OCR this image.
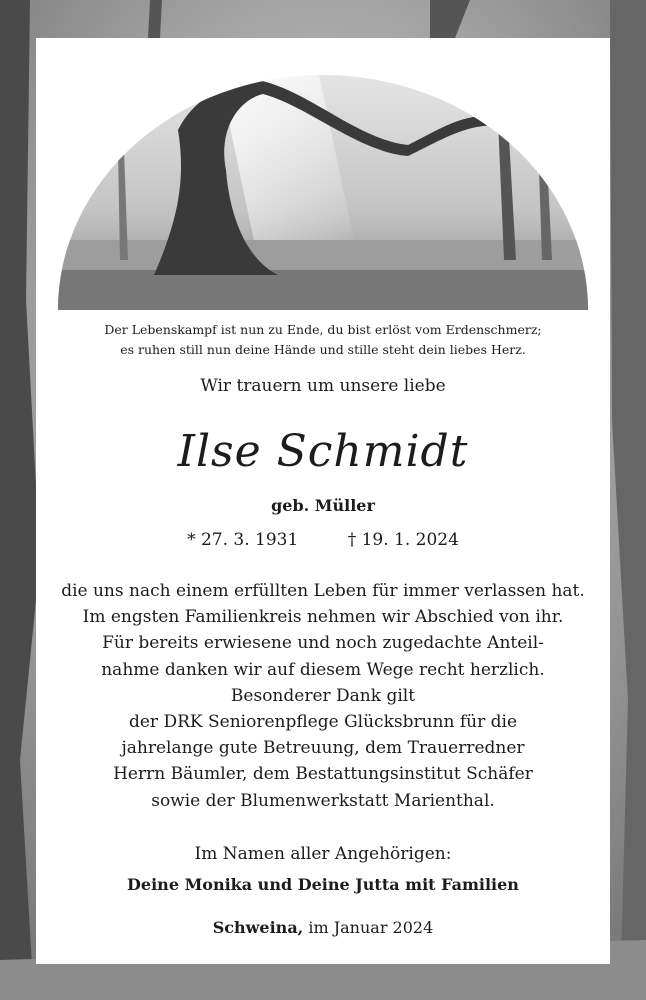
Der Lebenskampf ist nun zu Ende, du bist erlöst vom Erdenschmerz;
es ruhen still nun deine Hände und stille steht dein liebes Herz.
Wir trauern um unsere liebe
Ilse Schmidt
geb. Müller
* 27. 3. 1931	† 19. 1. 2024
die uns nach einem erfüllten Leben für immer verlassen hat.
Im engsten Familienkreis nehmen wir Abschied von ihr.
Für bereits erwiesene und noch zugedachte Anteil-
nahme danken wir auf diesem Wege recht herzlich.
Besonderer Dank gilt
der DRK Seniorenpflege Glücksbrunn für die
jahrelange gute Betreuung, dem Trauerredner
Herrn Bäumler, dem Bestattungsinstitut Schäfer
sowie der Blumenwerkstatt Marienthal.
Im Namen aller Angehörigen:
Deine Monika und Deine Jutta mit Familien
Schweina, im Januar 2024
